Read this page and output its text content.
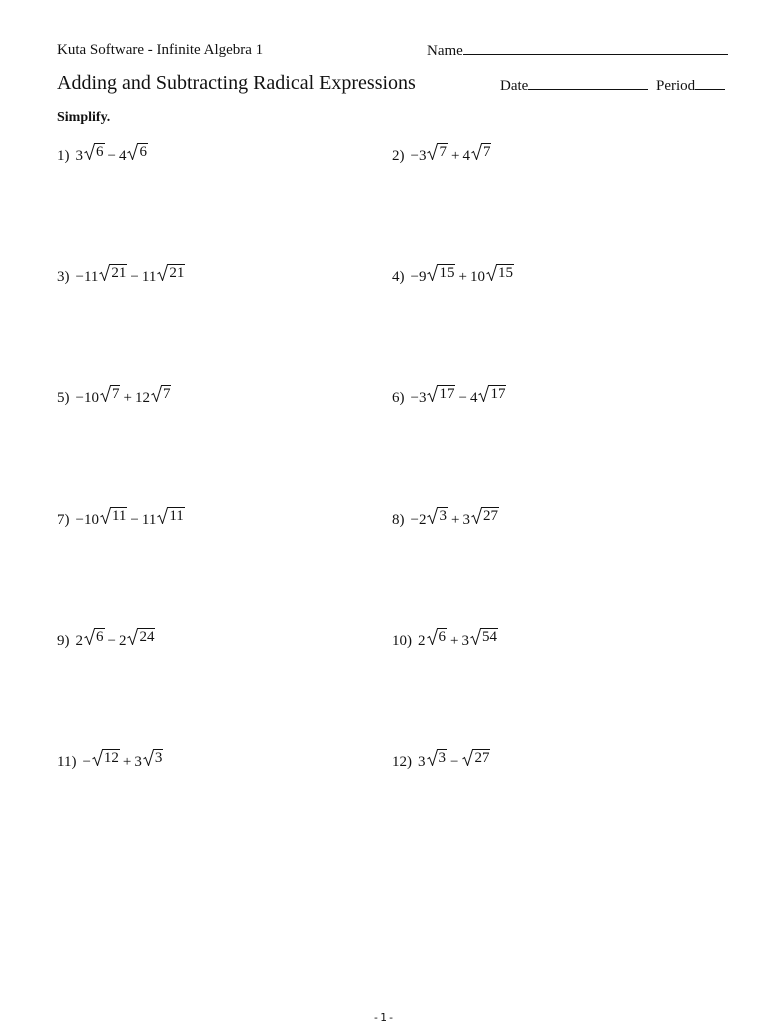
Kuta Software - Infinite Algebra 1	Name
Adding and Subtracting Radical Expressions	Date	Period
Simplify.
1) 3 6 − 4 6	2) −3 7 + 4 7
3) −11 21 − 11 21	4) −9 15 + 10 15
5) −10 7 + 12 7	6) −3 17 − 4 17
7) −10 11 − 11 11	8) −2 3 + 3 27
9) 2 6 − 2 24	10) 2 6 + 3 54
11) − 12 + 3 3	12) 3 3 − 27
-1-
